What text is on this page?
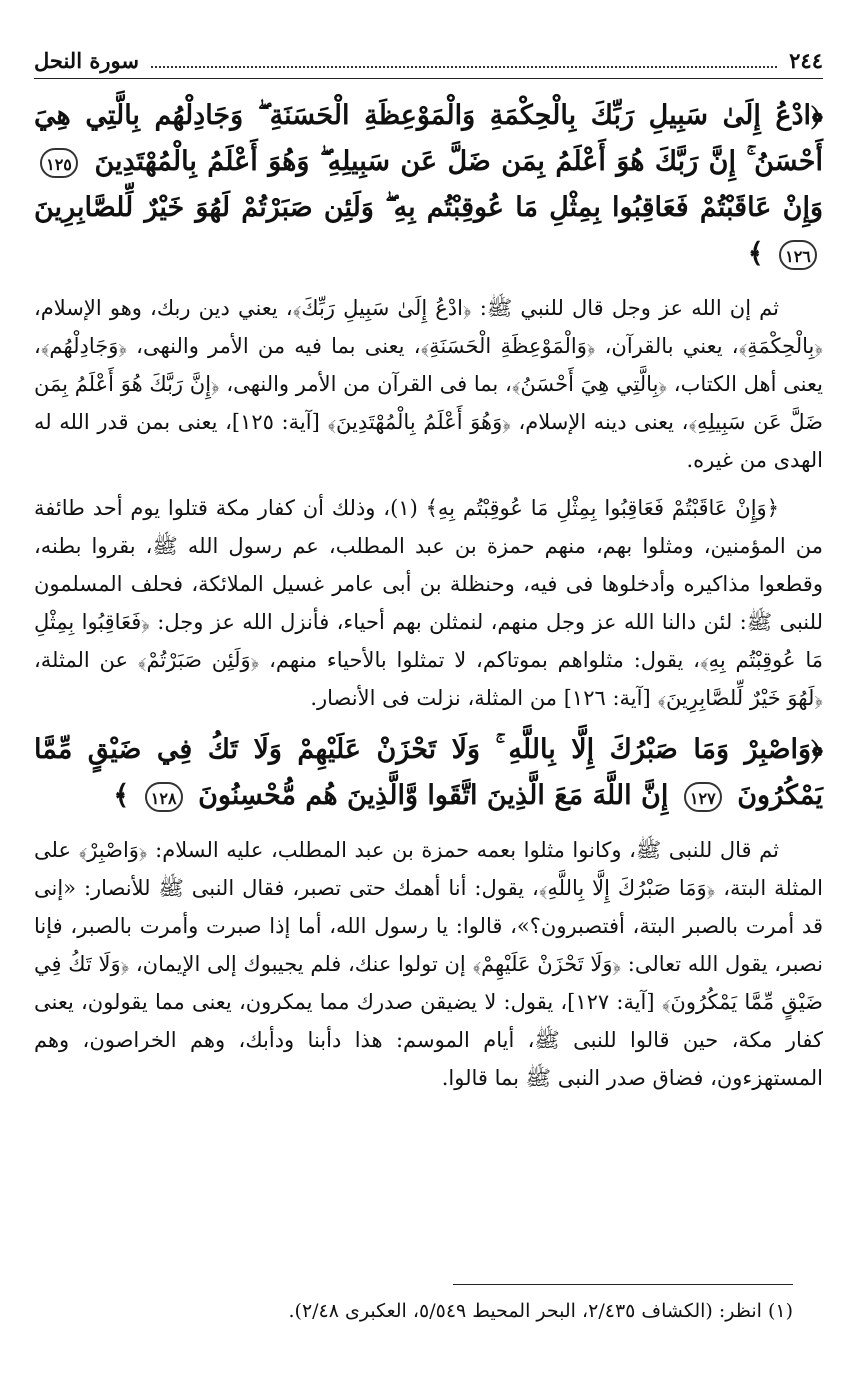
٢٤٤
سورة النحل

﴿ادْعُ إِلَىٰ سَبِيلِ رَبِّكَ بِالْحِكْمَةِ وَالْمَوْعِظَةِ الْحَسَنَةِ ۖ وَجَادِلْهُم بِالَّتِي هِيَ أَحْسَنُ ۚ إِنَّ رَبَّكَ هُوَ أَعْلَمُ بِمَن ضَلَّ عَن سَبِيلِهِ ۖ وَهُوَ أَعْلَمُ بِالْمُهْتَدِينَ ١٢٥ وَإِنْ عَاقَبْتُمْ فَعَاقِبُوا بِمِثْلِ مَا عُوقِبْتُم بِهِ ۖ وَلَئِن صَبَرْتُمْ لَهُوَ خَيْرٌ لِّلصَّابِرِينَ ١٢٦ ﴾

ثم إن الله عز وجل قال للنبي ﷺ: ﴿ادْعُ إِلَىٰ سَبِيلِ رَبِّكَ﴾، يعني دين ربك، وهو الإسلام، ﴿بِالْحِكْمَةِ﴾، يعني بالقرآن، ﴿وَالْمَوْعِظَةِ الْحَسَنَةِ﴾، يعنى بما فيه من الأمر والنهى، ﴿وَجَادِلْهُم﴾، يعنى أهل الكتاب، ﴿بِالَّتِي هِيَ أَحْسَنُ﴾، بما فى القرآن من الأمر والنهى، ﴿إِنَّ رَبَّكَ هُوَ أَعْلَمُ بِمَن ضَلَّ عَن سَبِيلِهِ﴾، يعنى دينه الإسلام، ﴿وَهُوَ أَعْلَمُ بِالْمُهْتَدِينَ﴾ [آية: ١٢٥]، يعنى بمن قدر الله له الهدى من غيره.

﴿وَإِنْ عَاقَبْتُمْ فَعَاقِبُوا بِمِثْلِ مَا عُوقِبْتُم بِهِ﴾ (١)، وذلك أن كفار مكة قتلوا يوم أحد طائفة من المؤمنين، ومثلوا بهم، منهم حمزة بن عبد المطلب، عم رسول الله ﷺ، بقروا بطنه، وقطعوا مذاكيره وأدخلوها فى فيه، وحنظلة بن أبى عامر غسيل الملائكة، فحلف المسلمون للنبى ﷺ: لئن دالنا الله عز وجل منهم، لنمثلن بهم أحياء، فأنزل الله عز وجل: ﴿فَعَاقِبُوا بِمِثْلِ مَا عُوقِبْتُم بِهِ﴾، يقول: مثلواهم بموتاكم، لا تمثلوا بالأحياء منهم، ﴿وَلَئِن صَبَرْتُمْ﴾ عن المثلة، ﴿لَهُوَ خَيْرٌ لِّلصَّابِرِينَ﴾ [آية: ١٢٦] من المثلة، نزلت فى الأنصار.

﴿وَاصْبِرْ وَمَا صَبْرُكَ إِلَّا بِاللَّهِ ۚ وَلَا تَحْزَنْ عَلَيْهِمْ وَلَا تَكُ فِي ضَيْقٍ مِّمَّا يَمْكُرُونَ ١٢٧ إِنَّ اللَّهَ مَعَ الَّذِينَ اتَّقَوا وَّالَّذِينَ هُم مُّحْسِنُونَ ١٢٨ ﴾

ثم قال للنبى ﷺ، وكانوا مثلوا بعمه حمزة بن عبد المطلب، عليه السلام: ﴿وَاصْبِرْ﴾ على المثلة البتة، ﴿وَمَا صَبْرُكَ إِلَّا بِاللَّهِ﴾، يقول: أنا أهمك حتى تصبر، فقال النبى ﷺ للأنصار: «إنى قد أمرت بالصبر البتة، أفتصبرون؟»، قالوا: يا رسول الله، أما إذا صبرت وأمرت بالصبر، فإنا نصبر، يقول الله تعالى: ﴿وَلَا تَحْزَنْ عَلَيْهِمْ﴾ إن تولوا عنك، فلم يجيبوك إلى الإيمان، ﴿وَلَا تَكُ فِي ضَيْقٍ مِّمَّا يَمْكُرُونَ﴾ [آية: ١٢٧]، يقول: لا يضيقن صدرك مما يمكرون، يعنى مما يقولون، يعنى كفار مكة، حين قالوا للنبى ﷺ، أيام الموسم: هذا دأبنا ودأبك، وهم الخراصون، وهم المستهزءون، فضاق صدر النبى ﷺ بما قالوا.

(١) انظر: (الكشاف ٢/٤٣٥، البحر المحيط ٥/٥٤٩، العكبرى ٢/٤٨).
